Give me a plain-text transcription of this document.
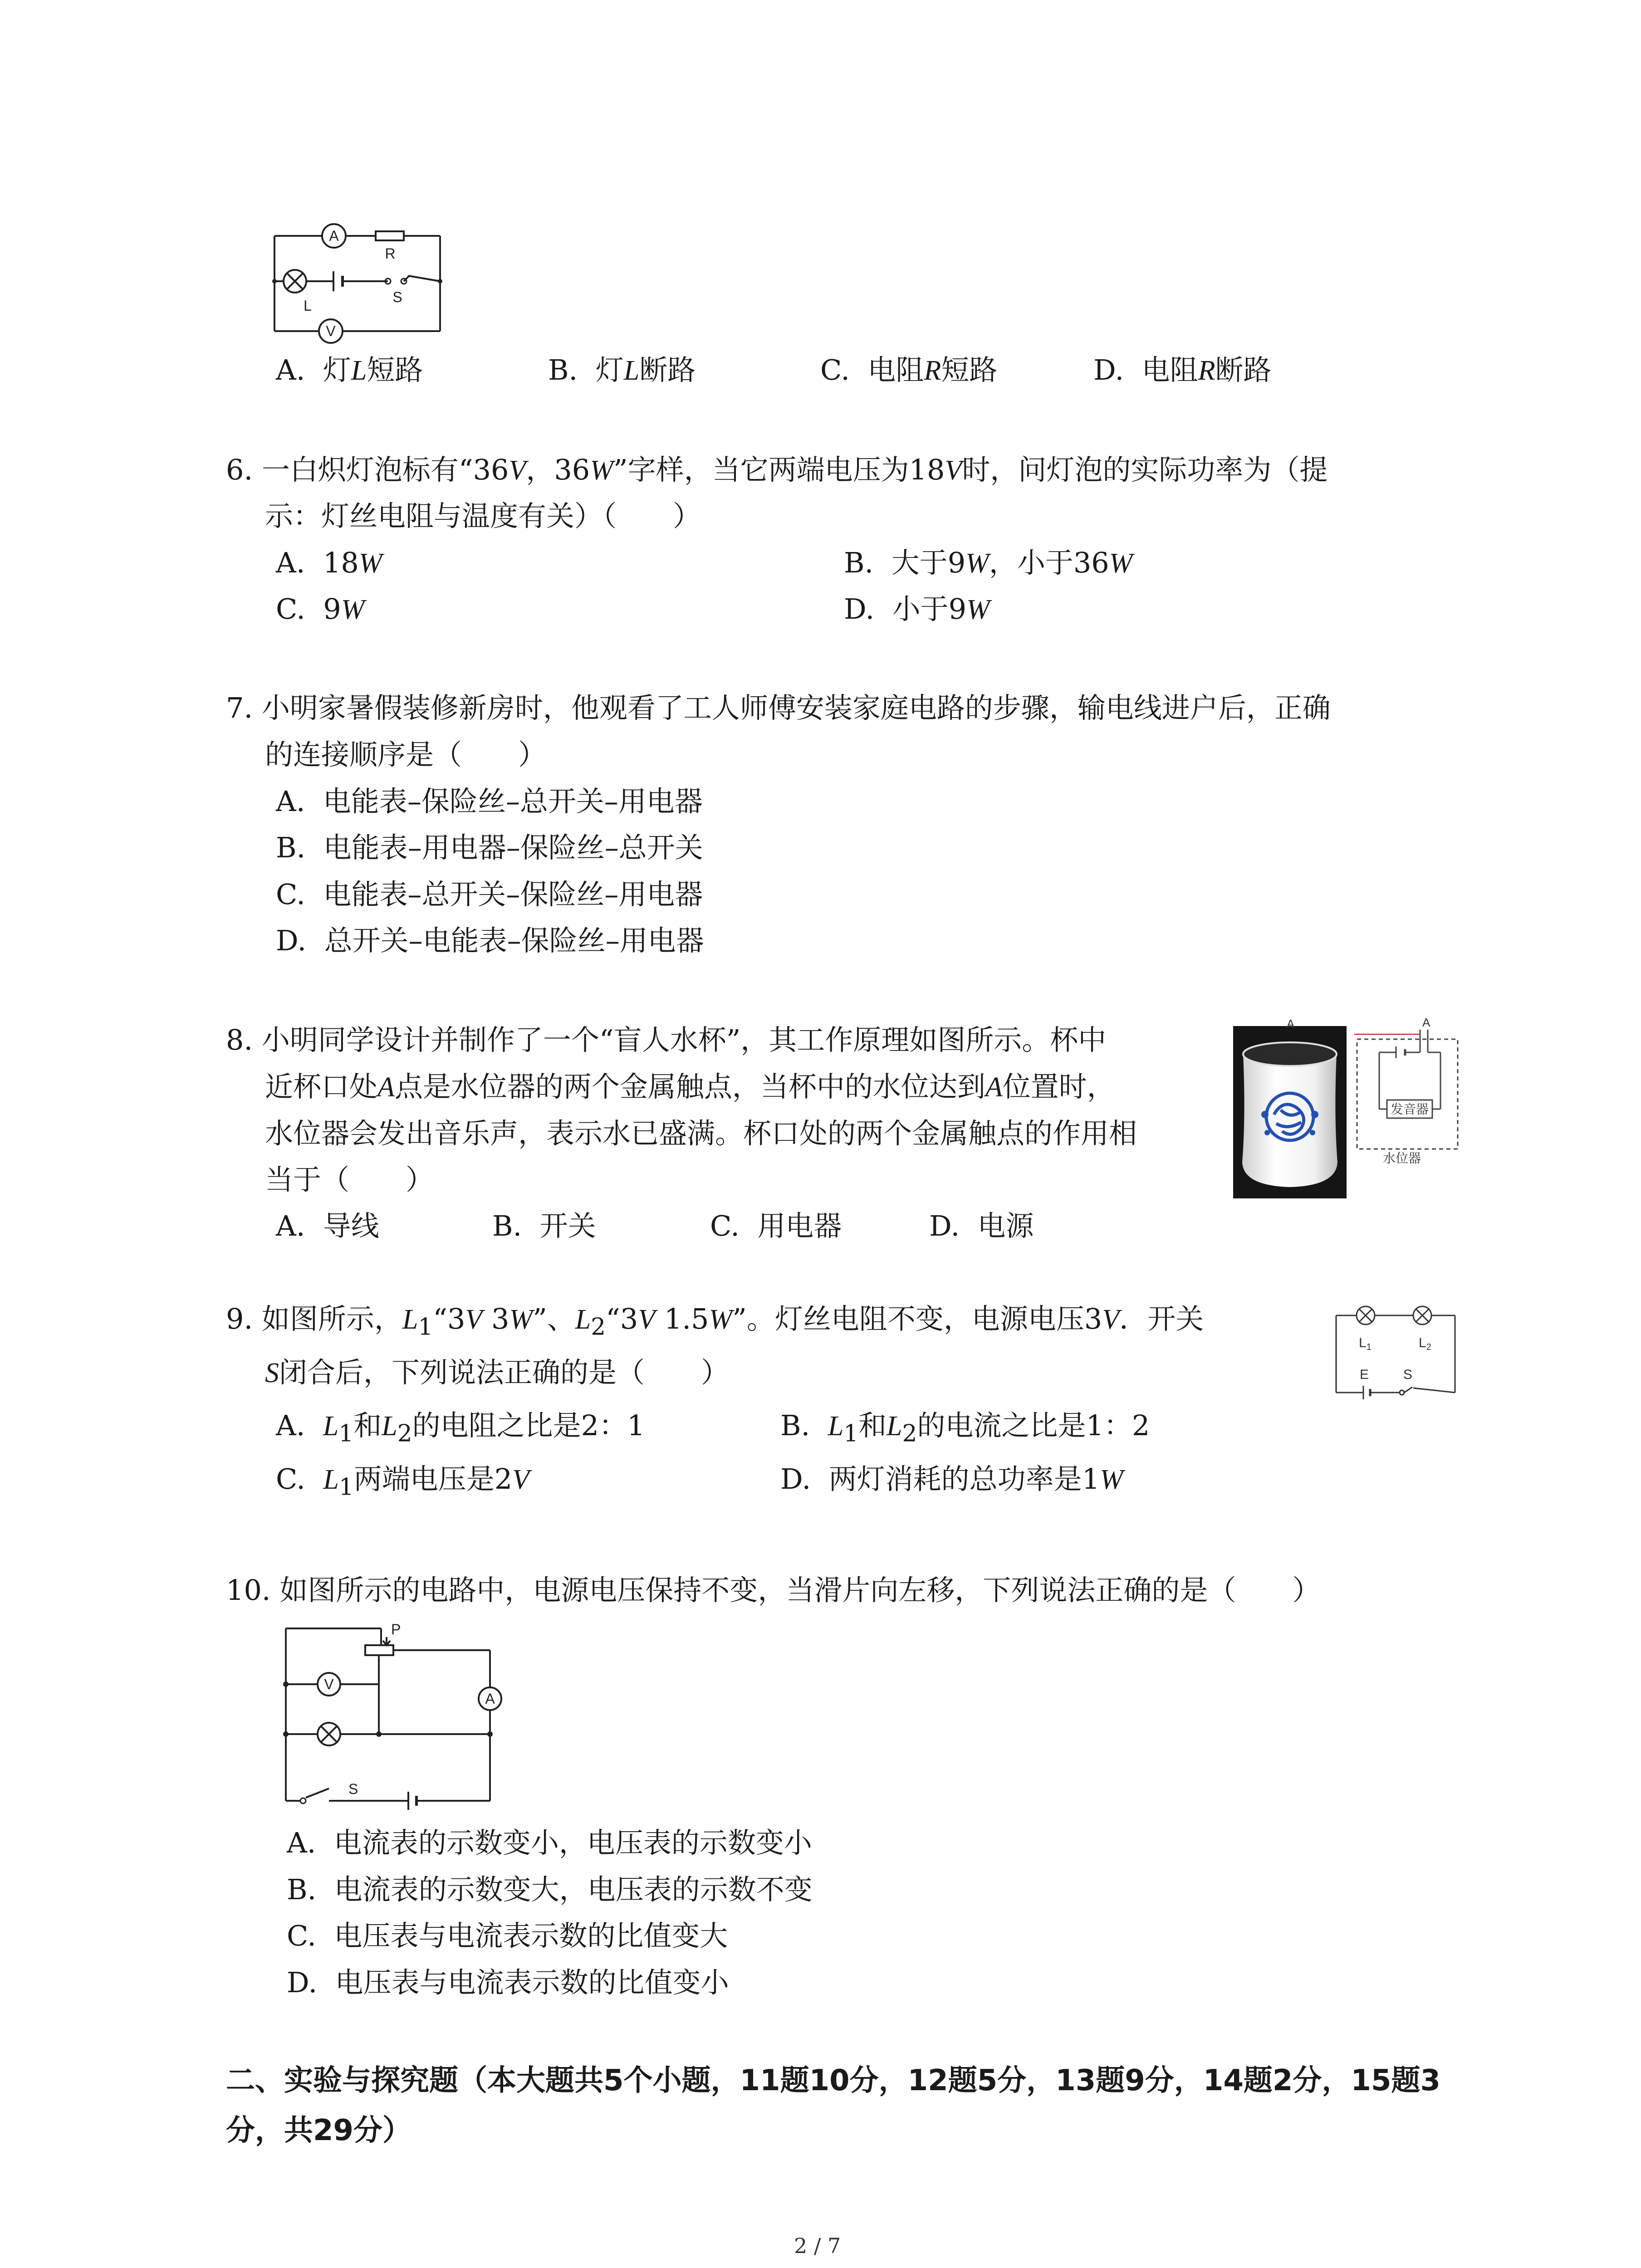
A
V
R
S
L
A. 灯L短路	B. 灯L断路	C. 电阻R短路	D. 电阻R断路
6. 一白炽灯泡标有“36V，36W”字样，当它两端电压为18V时，问灯泡的实际功率为（提
示：灯丝电阻与温度有关）（　　）
A. 18W	B. 大于9W，小于36W
C. 9W	D. 小于9W
7. 小明家暑假装修新房时，他观看了工人师傅安装家庭电路的步骤，输电线进户后，正确
的连接顺序是（　　）
A. 电能表–保险丝–总开关–用电器
B. 电能表–用电器–保险丝–总开关
C. 电能表–总开关–保险丝–用电器
D. 总开关–电能表–保险丝–用电器
8. 小明同学设计并制作了一个“盲人水杯”，其工作原理如图所示。杯中
近杯口处A点是水位器的两个金属触点，当杯中的水位达到A位置时，
水位器会发出音乐声，表示水已盛满。杯口处的两个金属触点的作用相
当于（　　）
A. 导线	B. 开关	C. 用电器	D. 电源
A
发音器
水位器
A
9. 如图所示，$L_1“3V$ 3W”、$L_2“3V$ 1.5W”。灯丝电阻不变，电源电压3V．开关
S闭合后，下列说法正确的是（　　）
A. $L_1$和$L_2$的电阻之比是2：1	B. $L_1$和$L_2$的电流之比是1：2
C. $L_1$两端电压是2V	D. 两灯消耗的总功率是1W
$L_1$	$L_2$
E	S
10. 如图所示的电路中，电源电压保持不变，当滑片向左移，下列说法正确的是（　　）
P
V
A
S
A. 电流表的示数变小，电压表的示数变小
B. 电流表的示数变大，电压表的示数不变
C. 电压表与电流表示数的比值变大
D. 电压表与电流表示数的比值变小
二、实验与探究题（本大题共5个小题，11题10分，12题5分，13题9分，14题2分，15题3
分，共29分）
2 / 7
